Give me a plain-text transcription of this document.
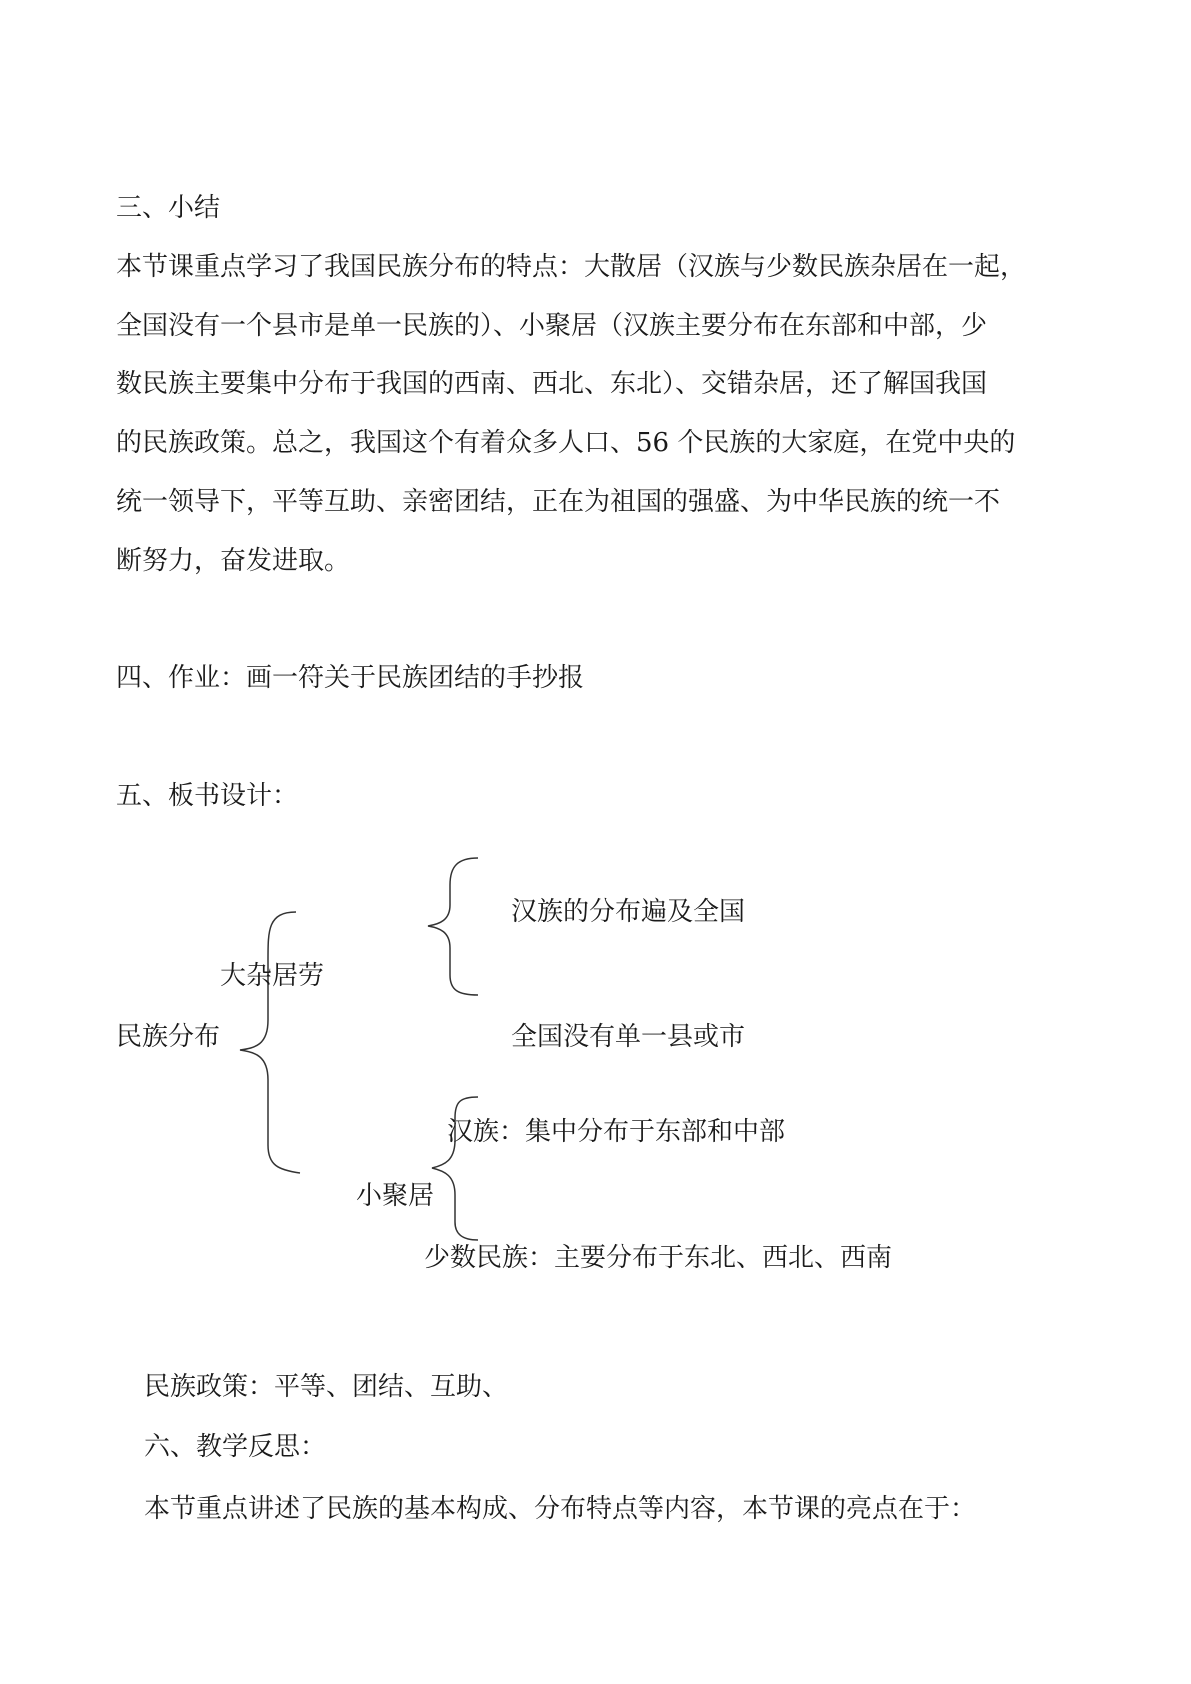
三、小结
本节课重点学习了我国民族分布的特点：大散居（汉族与少数民族杂居在一起，
全国没有一个县市是单一民族的）、小聚居（汉族主要分布在东部和中部，少
数民族主要集中分布于我国的西南、西北、东北）、交错杂居，还了解国我国
的民族政策。总之，我国这个有着众多人口、56 个民族的大家庭，在党中央的
统一领导下，平等互助、亲密团结，正在为祖国的强盛、为中华民族的统一不
断努力，奋发进取。
四、作业：画一符关于民族团结的手抄报
五、板书设计：
民族分布
大杂居劳
汉族的分布遍及全国
全国没有单一县或市
小聚居
汉族：集中分布于东部和中部
少数民族：主要分布于东北、西北、西南
民族政策：平等、团结、互助、
六、教学反思：
本节重点讲述了民族的基本构成、分布特点等内容，本节课的亮点在于：
